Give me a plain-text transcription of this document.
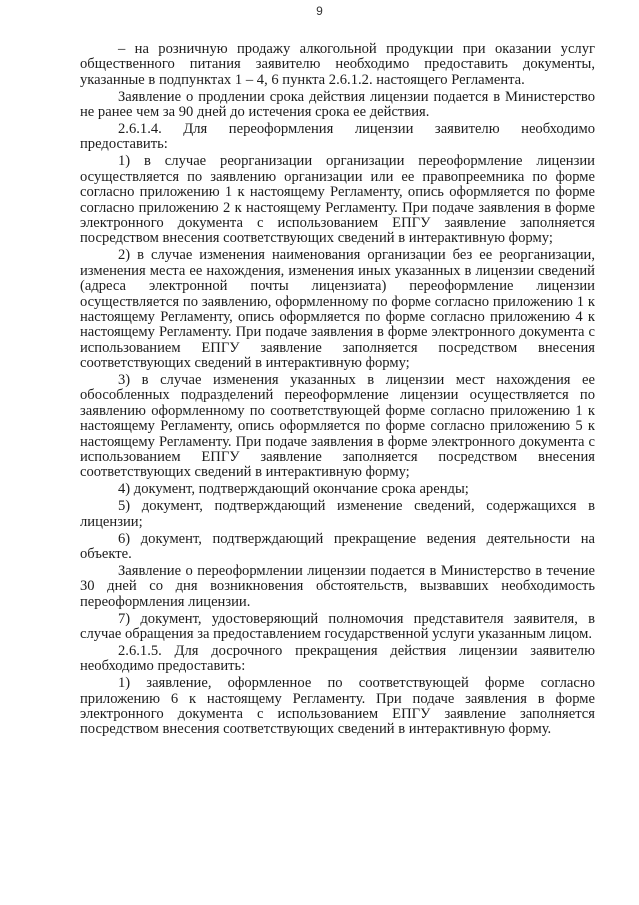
9

– на розничную продажу алкогольной продукции при оказании услуг общественного питания заявителю необходимо предоставить документы, указанные в подпунктах 1 – 4, 6 пункта 2.6.1.2. настоящего Регламента.

Заявление о продлении срока действия лицензии подается в Министерство не ранее чем за 90 дней до истечения срока ее действия.

2.6.1.4. Для переоформления лицензии заявителю необходимо предоставить:

1) в случае реорганизации организации переоформление лицензии осуществляется по заявлению организации или ее правопреемника по форме согласно приложению 1 к настоящему Регламенту, опись оформляется по форме согласно приложению 2 к настоящему Регламенту. При подаче заявления в форме электронного документа с использованием ЕПГУ заявление заполняется посредством внесения соответствующих сведений в интерактивную форму;

2) в случае изменения наименования организации без ее реорганизации, изменения места ее нахождения, изменения иных указанных в лицензии сведений (адреса электронной почты лицензиата) переоформление лицензии осуществляется по заявлению, оформленному по форме согласно приложению 1 к настоящему Регламенту, опись оформляется по форме согласно приложению 4 к настоящему Регламенту. При подаче заявления в форме электронного документа с использованием ЕПГУ заявление заполняется посредством внесения соответствующих сведений в интерактивную форму;

3) в случае изменения указанных в лицензии мест нахождения ее обособленных подразделений переоформление лицензии осуществляется по заявлению оформленному по соответствующей форме согласно приложению 1 к настоящему Регламенту, опись оформляется по форме согласно приложению 5 к настоящему Регламенту. При подаче заявления в форме электронного документа с использованием ЕПГУ заявление заполняется посредством внесения соответствующих сведений в интерактивную форму;

4) документ, подтверждающий окончание срока аренды;

5) документ, подтверждающий изменение сведений, содержащихся в лицензии;

6) документ, подтверждающий прекращение ведения деятельности на объекте.

Заявление о переоформлении лицензии подается в Министерство в течение 30 дней со дня возникновения обстоятельств, вызвавших необходимость переоформления лицензии.

7) документ, удостоверяющий полномочия представителя заявителя, в случае обращения за предоставлением государственной услуги указанным лицом.

2.6.1.5. Для досрочного прекращения действия лицензии заявителю необходимо предоставить:

1) заявление, оформленное по соответствующей форме согласно приложению 6 к настоящему Регламенту. При подаче заявления в форме электронного документа с использованием ЕПГУ заявление заполняется посредством внесения соответствующих сведений в интерактивную форму.
